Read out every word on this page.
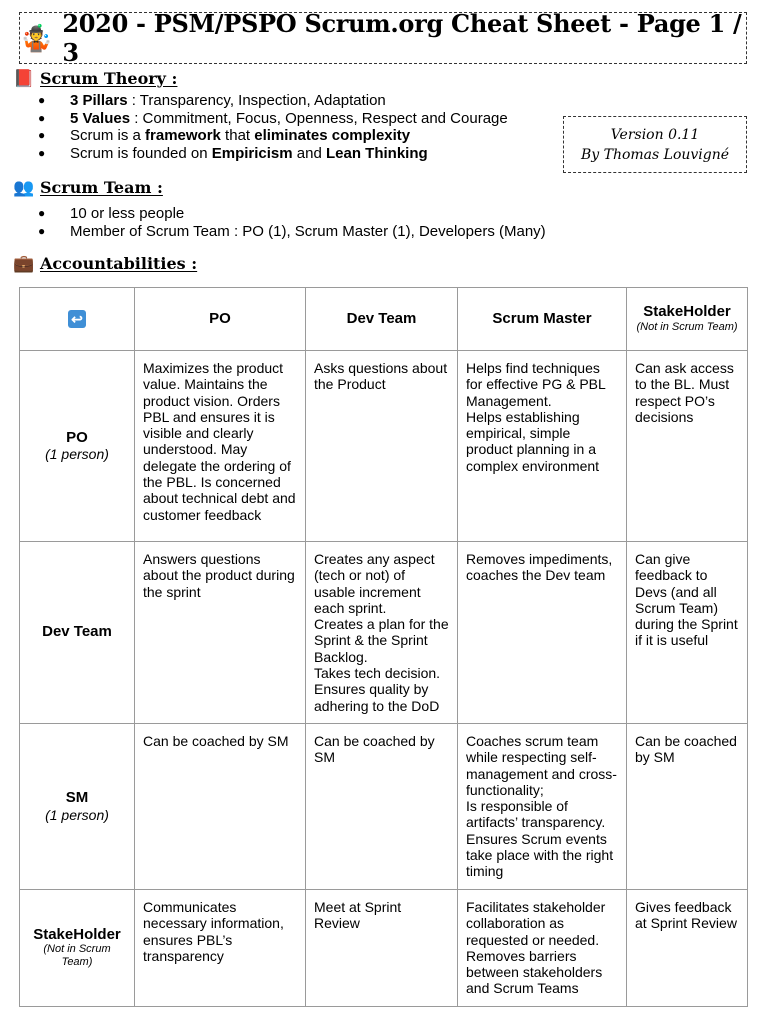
🤹 2020 - PSM/PSPO Scrum.org Cheat Sheet - Page 1 / 3
📕 Scrum Theory :
●	3 Pillars : Transparency, Inspection, Adaptation
●	5 Values : Commitment, Focus, Openness, Respect and Courage
●	Scrum is a framework that eliminates complexity
●	Scrum is founded on Empiricism and Lean Thinking
Version 0.11
By Thomas Louvigné
👥 Scrum Team :
●	10 or less people
●	Member of Scrum Team : PO (1), Scrum Master (1), Developers (Many)
💼 Accountabilities :
↩	PO	Dev Team	Scrum Master	StakeHolder
(Not in Scrum Team)

PO
(1 person)	Maximizes the product value. Maintains the product vision. Orders PBL and ensures it is visible and clearly understood. May delegate the ordering of the PBL. Is concerned about technical debt and customer feedback	Asks questions about the Product	Helps find techniques for effective PG & PBL Management.
Helps establishing empirical, simple product planning in a complex environment	Can ask access to the BL. Must respect PO’s decisions

Dev Team	Answers questions about the product during the sprint	Creates any aspect (tech or not) of usable increment each sprint.
Creates a plan for the Sprint & the Sprint Backlog.
Takes tech decision.
Ensures quality by adhering to the DoD	Removes impediments, coaches the Dev team	Can give feedback to Devs (and all Scrum Team) during the Sprint if it is useful

SM
(1 person)	Can be coached by SM	Can be coached by SM	Coaches scrum team while respecting self-management and cross-functionality;
Is responsible of artifacts’ transparency.
Ensures Scrum events take place with the right timing	Can be coached by SM

StakeHolder
(Not in Scrum Team)	Communicates necessary information, ensures PBL’s transparency	Meet at Sprint Review	Facilitates stakeholder collaboration as requested or needed.
Removes barriers between stakeholders and Scrum Teams	Gives feedback at Sprint Review
